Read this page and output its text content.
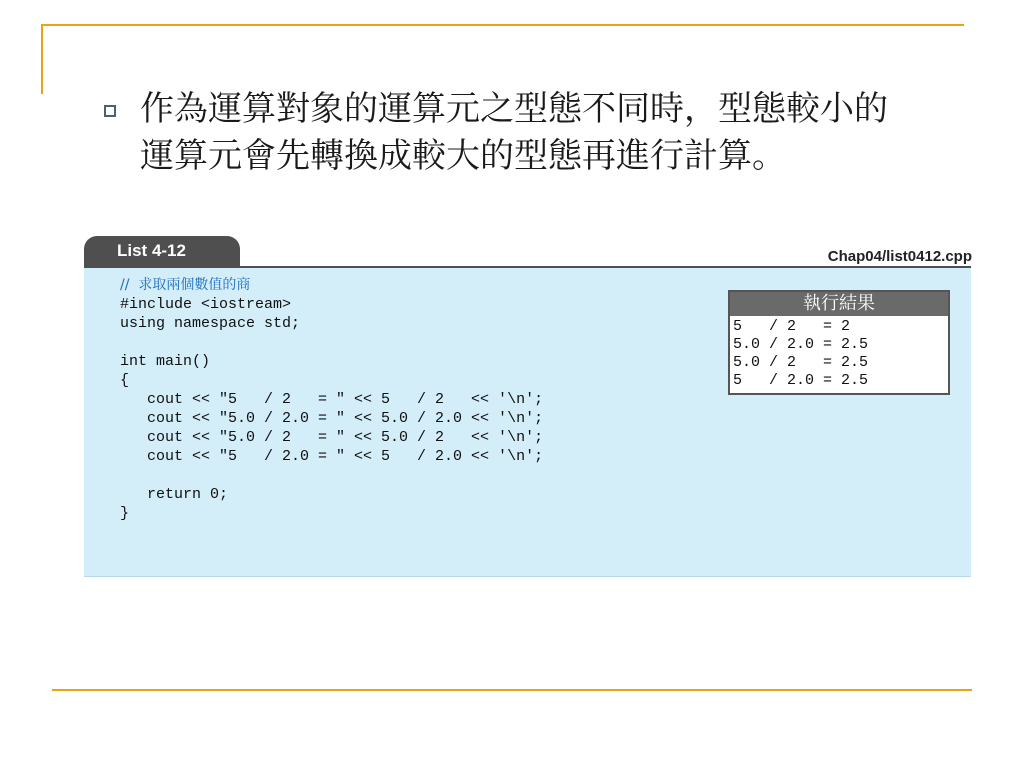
作為運算對象的運算元之型態不同時，型態較小的
運算元會先轉換成較大的型態再進行計算。
List 4-12	Chap04/list0412.cpp
//  求取兩個數值的商
#include <iostream>
using namespace std;

int main()
{
cout << "5   / 2   = " << 5   / 2   << '\n';
cout << "5.0 / 2.0 = " << 5.0 / 2.0 << '\n';
cout << "5.0 / 2   = " << 5.0 / 2   << '\n';
cout << "5   / 2.0 = " << 5   / 2.0 << '\n';

return 0;
}
執行結果
5   / 2   = 2
5.0 / 2.0 = 2.5
5.0 / 2   = 2.5
5   / 2.0 = 2.5
